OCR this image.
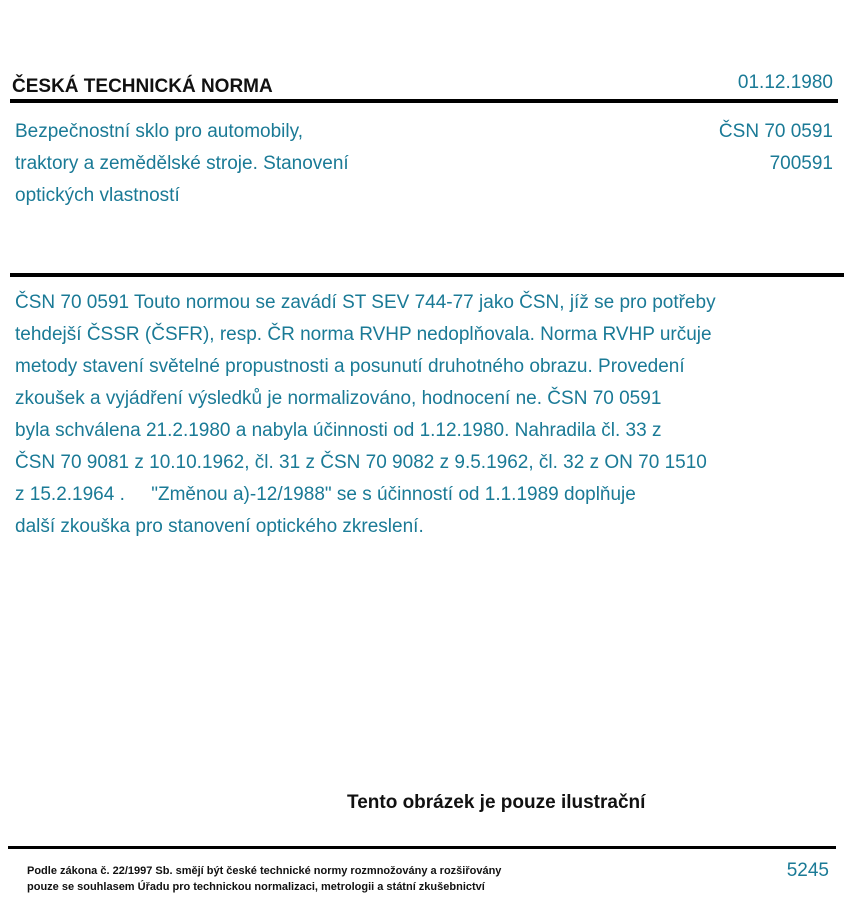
ČESKÁ TECHNICKÁ NORMA	01.12.1980
Bezpečnostní sklo pro automobily,
traktory a zemědělské stroje. Stanovení
optických vlastností
ČSN 70 0591
700591
ČSN 70 0591 Touto normou se zavádí ST SEV 744-77 jako ČSN, jíž se pro potřeby
tehdejší ČSSR (ČSFR), resp. ČR norma RVHP nedoplňovala. Norma RVHP určuje
metody stavení světelné propustnosti a posunutí druhotného obrazu. Provedení
zkoušek a vyjádření výsledků je normalizováno, hodnocení ne. ČSN 70 0591
byla schválena 21.2.1980 a nabyla účinnosti od 1.12.1980. Nahradila čl. 33 z
ČSN 70 9081 z 10.10.1962, čl. 31 z ČSN 70 9082 z 9.5.1962, čl. 32 z ON 70 1510
z 15.2.1964 .     "Změnou a)-12/1988" se s účinností od 1.1.1989 doplňuje
další zkouška pro stanovení optického zkreslení.
Tento obrázek je pouze ilustrační
Podle zákona č. 22/1997 Sb. smějí být české technické normy rozmnožovány a rozšiřovány
pouze se souhlasem Úřadu pro technickou normalizaci, metrologii a státní zkušebnictví
5245
